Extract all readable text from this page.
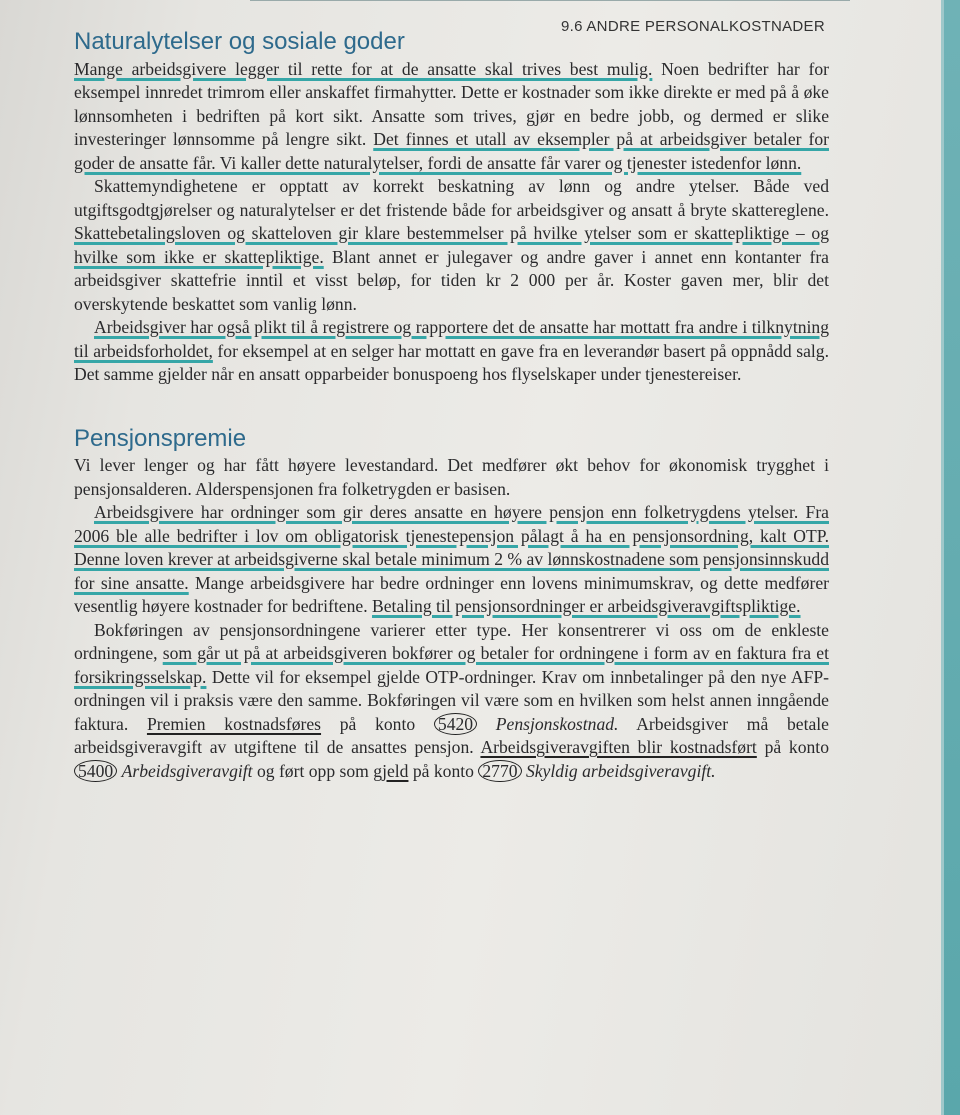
9.6 ANDRE PERSONALKOSTNADER
Naturalytelser og sosiale goder

Mange arbeidsgivere legger til rette for at de ansatte skal trives best mulig. Noen bedrifter har for eksempel innredet trimrom eller anskaffet firmahytter. Dette er kostnader som ikke direkte er med på å øke lønnsomheten i bedriften på kort sikt. Ansatte som trives, gjør en bedre jobb, og dermed er slike investeringer lønnsomme på lengre sikt. Det finnes et utall av eksempler på at arbeidsgiver betaler for goder de ansatte får. Vi kaller dette naturalytelser, fordi de ansatte får varer og tjenester istedenfor lønn.

Skattemyndighetene er opptatt av korrekt beskatning av lønn og andre ytelser. Både ved utgiftsgodtgjørelser og naturalytelser er det fristende både for arbeidsgiver og ansatt å bryte skattereglene. Skattebetalingsloven og skatteloven gir klare bestemmelser på hvilke ytelser som er skattepliktige – og hvilke som ikke er skattepliktige. Blant annet er julegaver og andre gaver i annet enn kontanter fra arbeidsgiver skattefrie inntil et visst beløp, for tiden kr 2 000 per år. Koster gaven mer, blir det overskytende beskattet som vanlig lønn.

Arbeidsgiver har også plikt til å registrere og rapportere det de ansatte har mottatt fra andre i tilknytning til arbeidsforholdet, for eksempel at en selger har mottatt en gave fra en leverandør basert på oppnådd salg. Det samme gjelder når en ansatt opparbeider bonuspoeng hos flyselskaper under tjenestereiser.

Pensjonspremie

Vi lever lenger og har fått høyere levestandard. Det medfører økt behov for økonomisk trygghet i pensjonsalderen. Alderspensjonen fra folketrygden er basisen.

Arbeidsgivere har ordninger som gir deres ansatte en høyere pensjon enn folketrygdens ytelser. Fra 2006 ble alle bedrifter i lov om obligatorisk tjenestepensjon pålagt å ha en pensjonsordning, kalt OTP. Denne loven krever at arbeidsgiverne skal betale minimum 2 % av lønnskostnadene som pensjonsinnskudd for sine ansatte. Mange arbeidsgivere har bedre ordninger enn lovens minimumskrav, og dette medfører vesentlig høyere kostnader for bedriftene. Betaling til pensjonsordninger er arbeidsgiveravgiftspliktige.

Bokføringen av pensjonsordningene varierer etter type. Her konsentrerer vi oss om de enkleste ordningene, som går ut på at arbeidsgiveren bokfører og betaler for ordningene i form av en faktura fra et forsikringsselskap. Dette vil for eksempel gjelde OTP-ordninger. Krav om innbetalinger på den nye AFP-ordningen vil i praksis være den samme. Bokføringen vil være som en hvilken som helst annen inngående faktura. Premien kostnadsføres på konto 5420 Pensjonskostnad. Arbeidsgiver må betale arbeidsgiveravgift av utgiftene til de ansattes pensjon. Arbeidsgiveravgiften blir kostnadsført på konto 5400 Arbeidsgiveravgift og ført opp som gjeld på konto 2770 Skyldig arbeidsgiveravgift.
